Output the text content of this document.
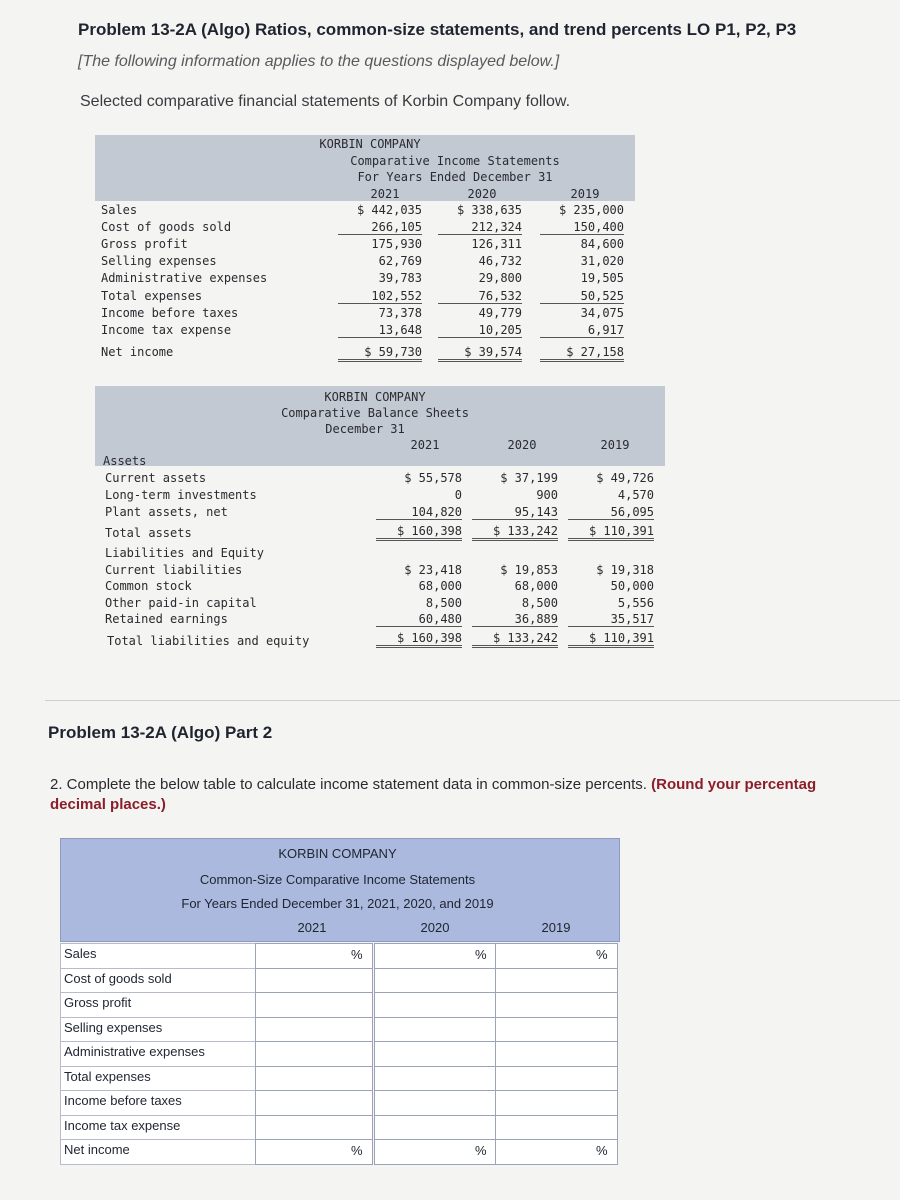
Problem 13-2A (Algo) Ratios, common-size statements, and trend percents LO P1, P2, P3
[The following information applies to the questions displayed below.]
Selected comparative financial statements of Korbin Company follow.
KORBIN COMPANY
Comparative Income Statements
For Years Ended December 31
2021	2020	2019
Sales	$ 442,035	$ 338,635	$ 235,000
Cost of goods sold	266,105	212,324	150,400
Gross profit	175,930	126,311	84,600
Selling expenses	62,769	46,732	31,020
Administrative expenses	39,783	29,800	19,505
Total expenses	102,552	76,532	50,525
Income before taxes	73,378	49,779	34,075
Income tax expense	13,648	10,205	6,917
Net income	$ 59,730	$ 39,574	$ 27,158
KORBIN COMPANY
Comparative Balance Sheets
December 31
2021	2020	2019
Assets
Current assets	$ 55,578	$ 37,199	$ 49,726
Long-term investments	0	900	4,570
Plant assets, net	104,820	95,143	56,095
Total assets	$ 160,398	$ 133,242	$ 110,391
Liabilities and Equity
Current liabilities	$ 23,418	$ 19,853	$ 19,318
Common stock	68,000	68,000	50,000
Other paid-in capital	8,500	8,500	5,556
Retained earnings	60,480	36,889	35,517
Total liabilities and equity	$ 160,398	$ 133,242	$ 110,391
Problem 13-2A (Algo) Part 2
2. Complete the below table to calculate income statement data in common-size percents. (Round your percentag
decimal places.)
KORBIN COMPANY
Common-Size Comparative Income Statements
For Years Ended December 31, 2021, 2020, and 2019
2021	2020	2019
Sales	%	%	%
Cost of goods sold
Gross profit
Selling expenses
Administrative expenses
Total expenses
Income before taxes
Income tax expense
Net income	%	%	%
